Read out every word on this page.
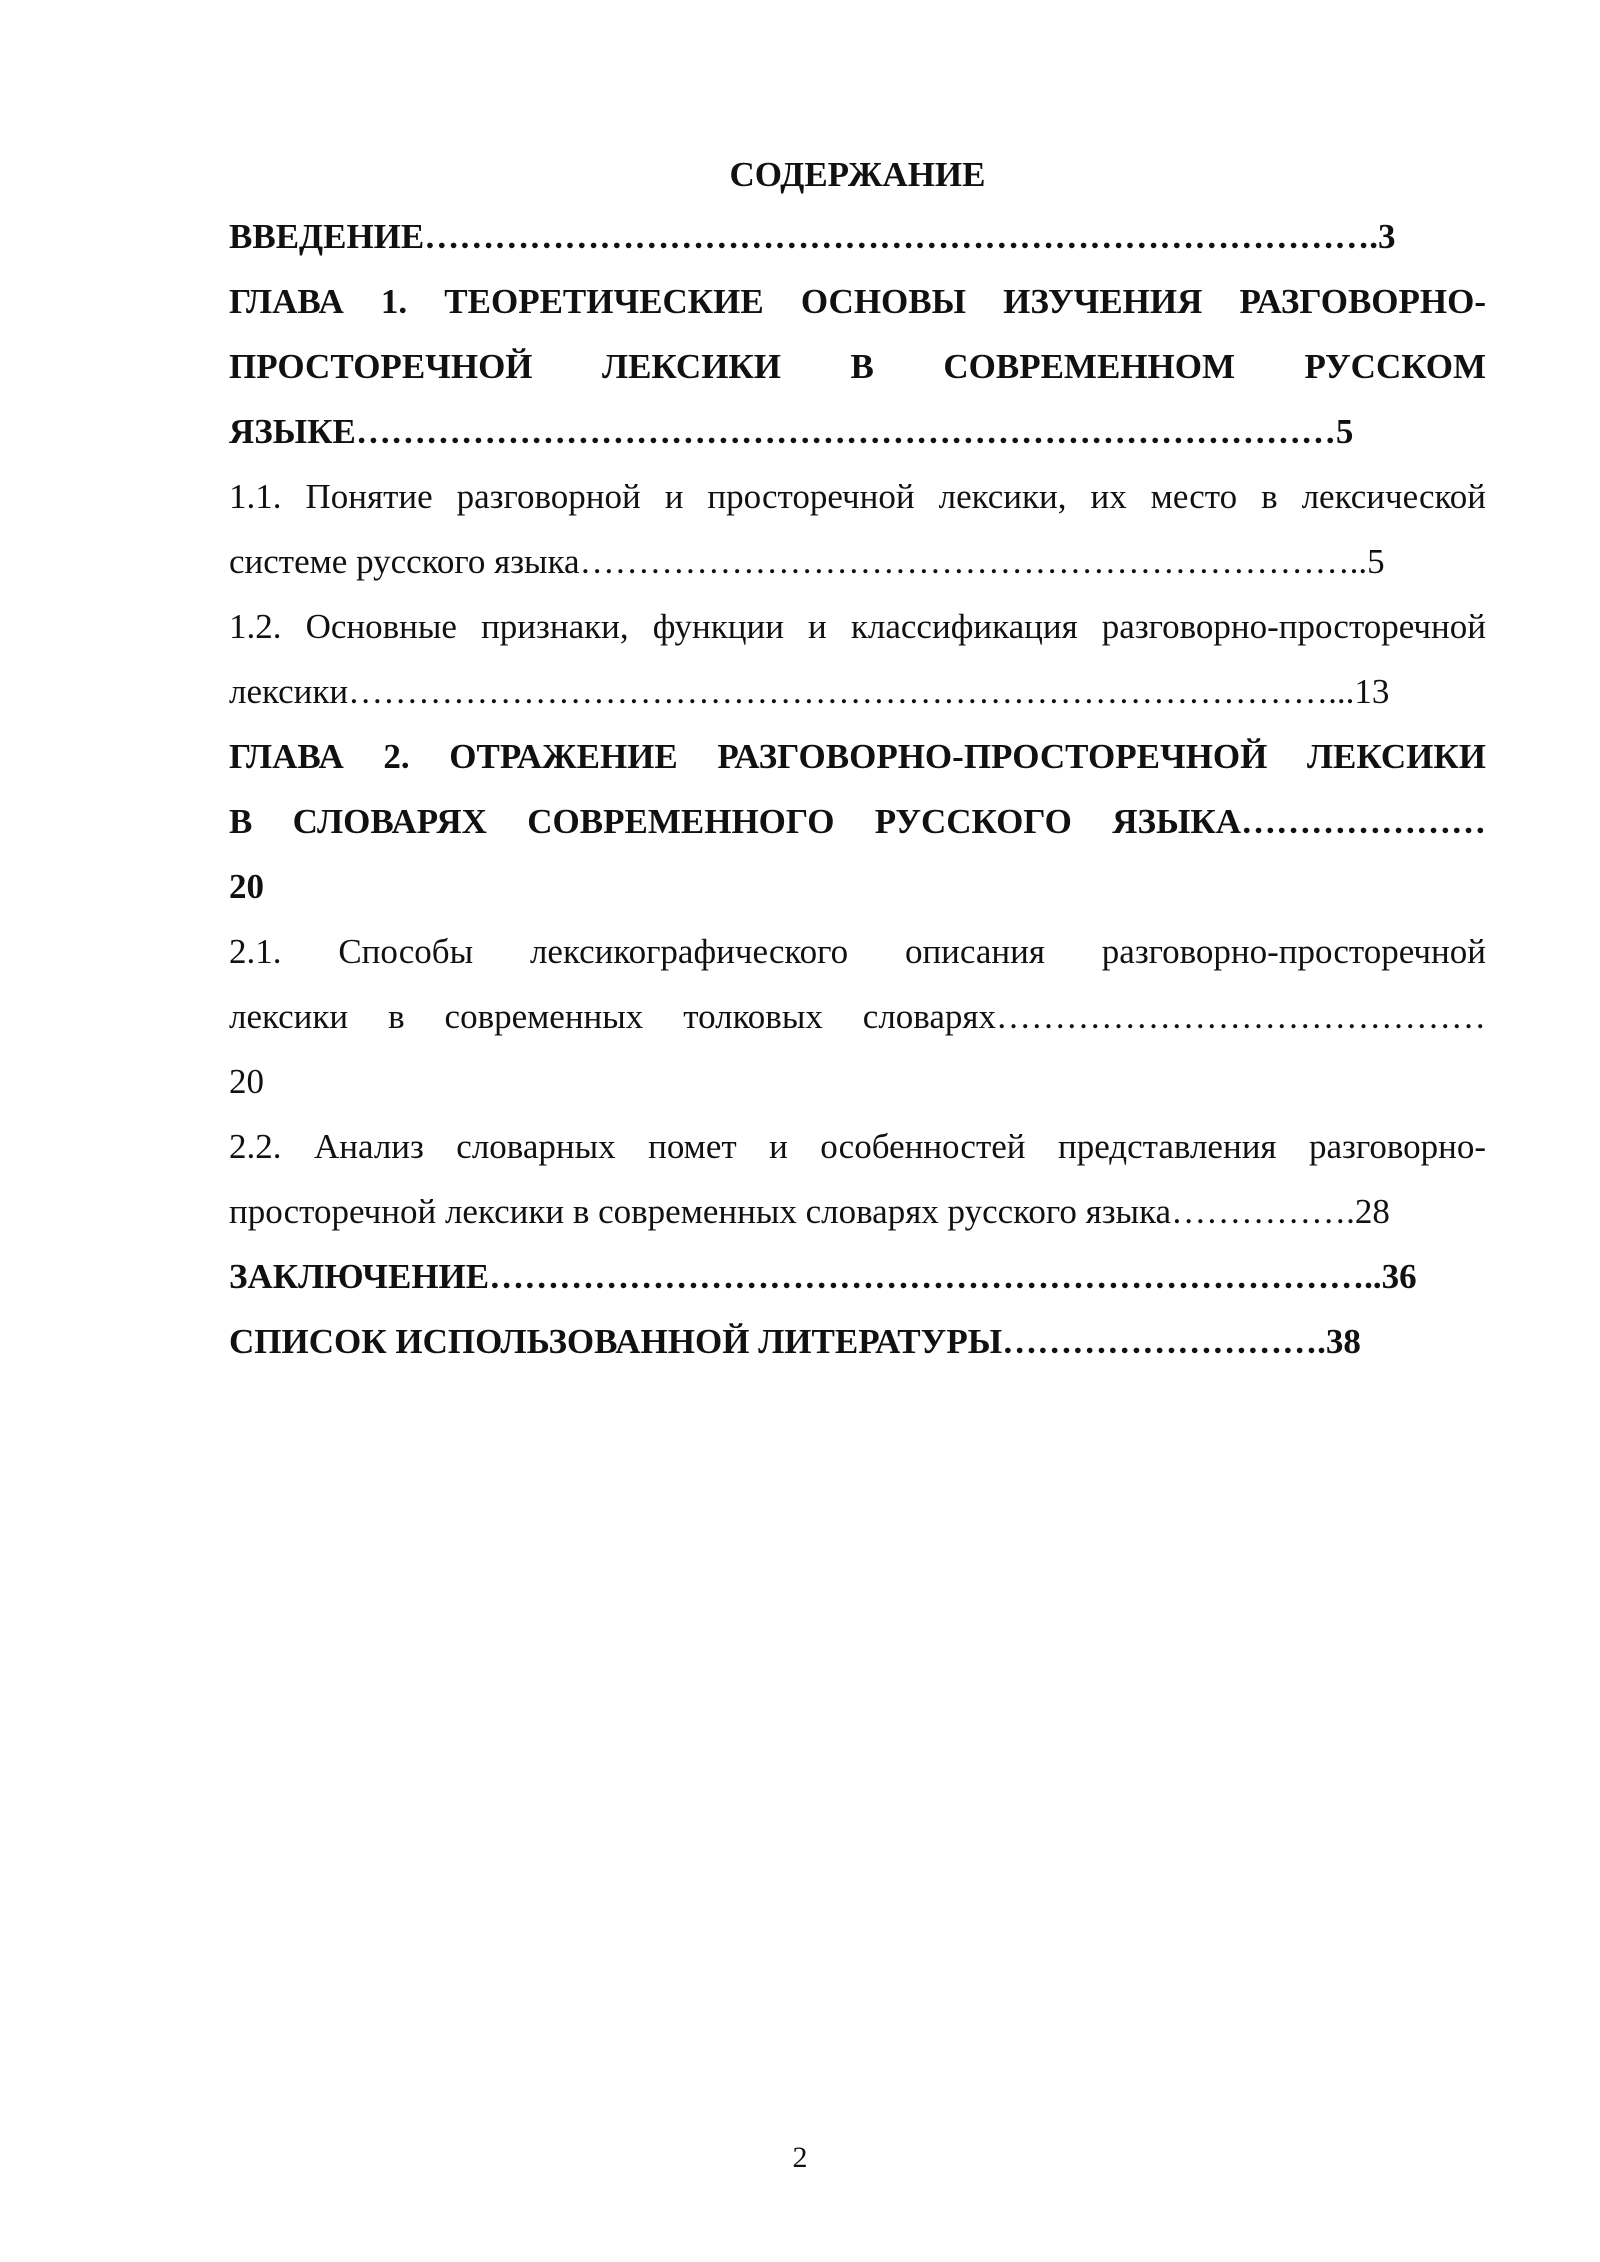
СОДЕРЖАНИЕ
ВВЕДЕНИЕ……………………………………………………………………….3
ГЛАВА 1. ТЕОРЕТИЧЕСКИЕ ОСНОВЫ ИЗУЧЕНИЯ РАЗГОВОРНО-
ПРОСТОРЕЧНОЙ ЛЕКСИКИ В СОВРЕМЕННОМ РУССКОМ
ЯЗЫКЕ…………………………………………………………………………5
1.1. Понятие разговорной и просторечной лексики, их место в лексической
системе русского языка…………………………………………………………..5
1.2. Основные признаки, функции и классификация разговорно-просторечной
лексики…………………………………………………………………………...13
ГЛАВА 2. ОТРАЖЕНИЕ РАЗГОВОРНО-ПРОСТОРЕЧНОЙ ЛЕКСИКИ
В СЛОВАРЯХ СОВРЕМЕННОГО РУССКОГО ЯЗЫКА…………………
20
2.1. Способы лексикографического описания разговорно-просторечной
лексики в современных толковых словарях……………………………………
20
2.2. Анализ словарных помет и особенностей представления разговорно-
просторечной лексики в современных словарях русского языка…………….28
ЗАКЛЮЧЕНИЕ…………………………………………………………………..36
СПИСОК ИСПОЛЬЗОВАННОЙ ЛИТЕРАТУРЫ……………………….38
2
